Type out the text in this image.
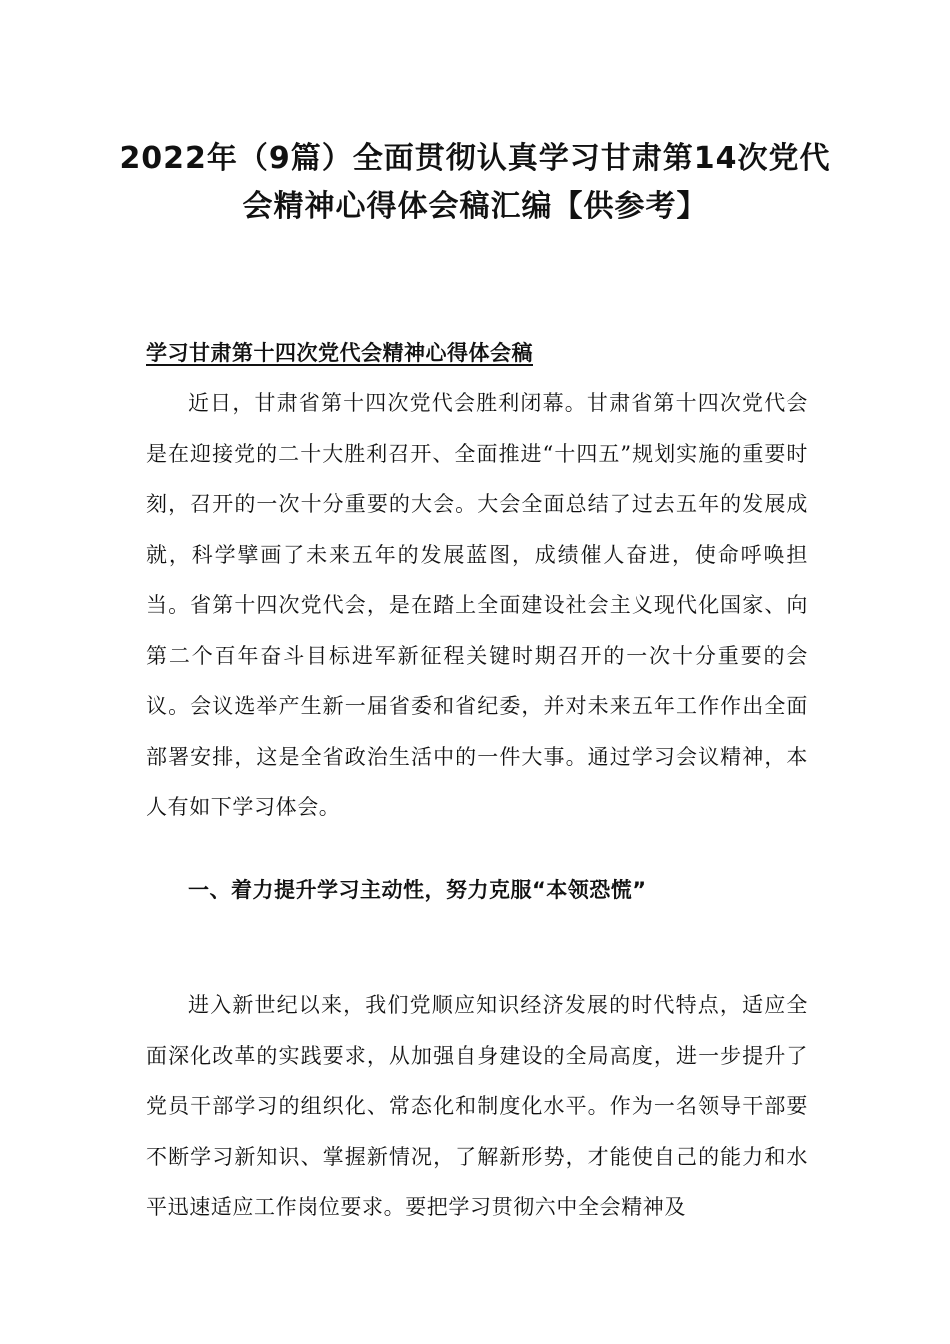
2022年（9篇）全面贯彻认真学习甘肃第14次党代
会精神心得体会稿汇编【供参考】
学习甘肃第十四次党代会精神心得体会稿

近日，甘肃省第十四次党代会胜利闭幕。甘肃省第十四次党代会是在迎接党的二十大胜利召开、全面推进“十四五”规划实施的重要时刻，召开的一次十分重要的大会。大会全面总结了过去五年的发展成就，科学擘画了未来五年的发展蓝图，成绩催人奋进，使命呼唤担当。省第十四次党代会，是在踏上全面建设社会主义现代化国家、向第二个百年奋斗目标进军新征程关键时期召开的一次十分重要的会议。会议选举产生新一届省委和省纪委，并对未来五年工作作出全面部署安排，这是全省政治生活中的一件大事。通过学习会议精神，本人有如下学习体会。

一、着力提升学习主动性，努力克服“本领恐慌”

进入新世纪以来，我们党顺应知识经济发展的时代特点，适应全面深化改革的实践要求，从加强自身建设的全局高度，进一步提升了党员干部学习的组织化、常态化和制度化水平。作为一名领导干部要不断学习新知识、掌握新情况，了解新形势，才能使自己的能力和水平迅速适应工作岗位要求。要把学习贯彻六中全会精神及
